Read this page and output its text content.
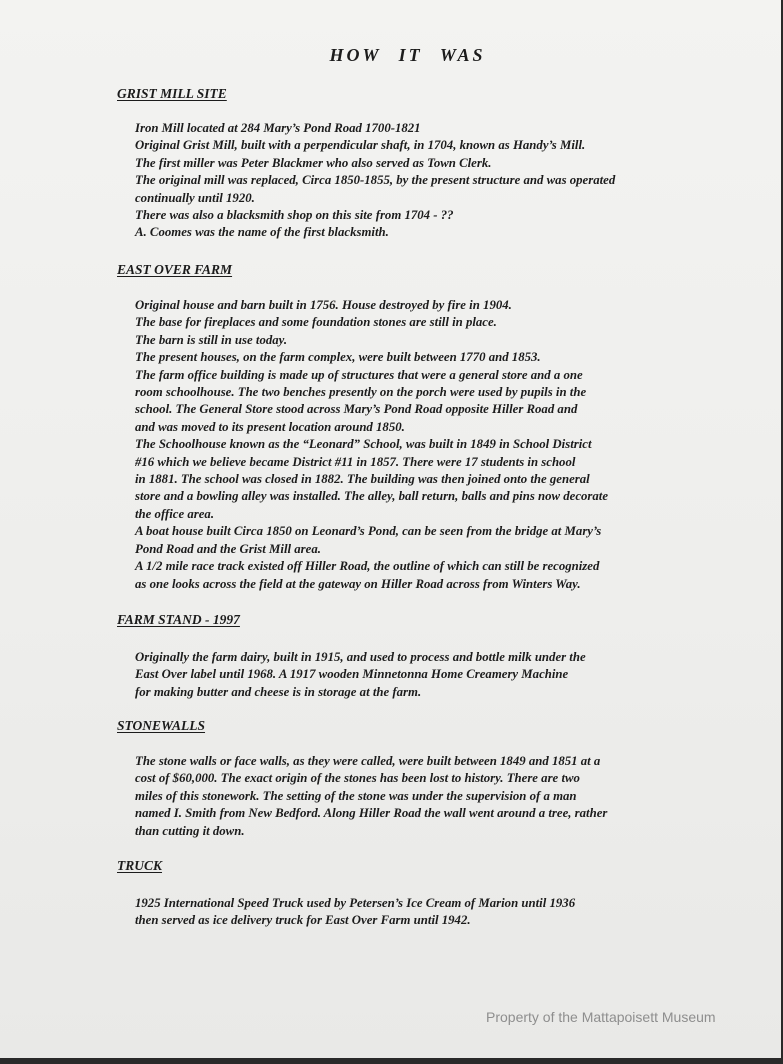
HOW IT WAS
GRIST MILL SITE
Iron Mill located at 284 Mary’s Pond Road 1700-1821
Original Grist Mill, built with a perpendicular shaft, in 1704, known as Handy’s Mill.
The first miller was Peter Blackmer who also served as Town Clerk.
The original mill was replaced, Circa 1850-1855, by the present structure and was operated
continually until 1920.
There was also a blacksmith shop on this site from 1704 - ??
A. Coomes was the name of the first blacksmith.
EAST OVER FARM
Original house and barn built in 1756. House destroyed by fire in 1904.
The base for fireplaces and some foundation stones are still in place.
The barn is still in use today.
The present houses, on the farm complex, were built between 1770 and 1853.
The farm office building is made up of structures that were a general store and a one
room schoolhouse. The two benches presently on the porch were used by pupils in the
school. The General Store stood across Mary’s Pond Road opposite Hiller Road and
and was moved to its present location around 1850.
The Schoolhouse known as the “Leonard” School, was built in 1849 in School District
#16 which we believe became District #11 in 1857. There were 17 students in school
in 1881. The school was closed in 1882. The building was then joined onto the general
store and a bowling alley was installed. The alley, ball return, balls and pins now decorate
the office area.
A boat house built Circa 1850 on Leonard’s Pond, can be seen from the bridge at Mary’s
Pond Road and the Grist Mill area.
A 1/2 mile race track existed off Hiller Road, the outline of which can still be recognized
as one looks across the field at the gateway on Hiller Road across from Winters Way.
FARM STAND - 1997
Originally the farm dairy, built in 1915, and used to process and bottle milk under the
East Over label until 1968. A 1917 wooden Minnetonna Home Creamery Machine
for making butter and cheese is in storage at the farm.
STONEWALLS
The stone walls or face walls, as they were called, were built between 1849 and 1851 at a
cost of $60,000. The exact origin of the stones has been lost to history. There are two
miles of this stonework. The setting of the stone was under the supervision of a man
named I. Smith from New Bedford. Along Hiller Road the wall went around a tree, rather
than cutting it down.
TRUCK
1925 International Speed Truck used by Petersen’s Ice Cream of Marion until 1936
then served as ice delivery truck for East Over Farm until 1942.
Property of the Mattapoisett Museum
